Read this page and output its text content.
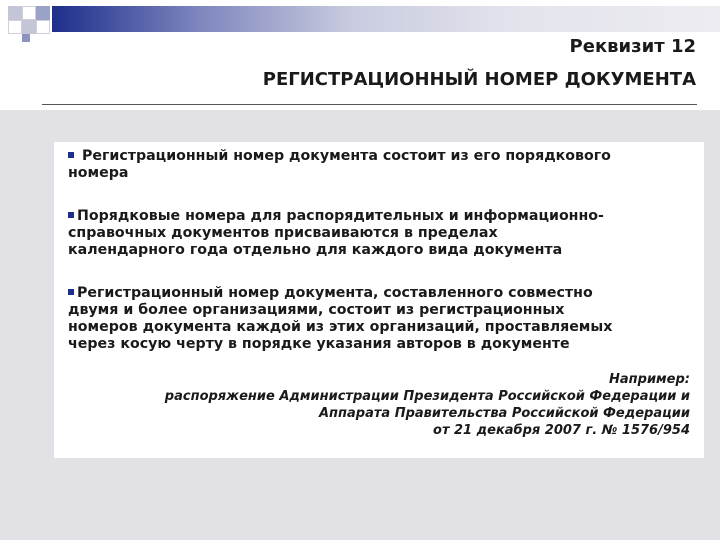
Реквизит 12
РЕГИСТРАЦИОННЫЙ НОМЕР ДОКУМЕНТА
Регистрационный номер документа состоит из его порядкового
номера
Порядковые номера для распорядительных и информационно-
справочных документов присваиваются в пределах
календарного года отдельно для каждого вида документа
Регистрационный номер документа, составленного совместно
двумя и более организациями, состоит из регистрационных
номеров документа каждой из этих организаций, проставляемых
через косую черту в порядке указания авторов в документе
Например:
распоряжение Администрации Президента Российской Федерации и
Аппарата Правительства Российской Федерации
от 21 декабря 2007 г. № 1576/954
